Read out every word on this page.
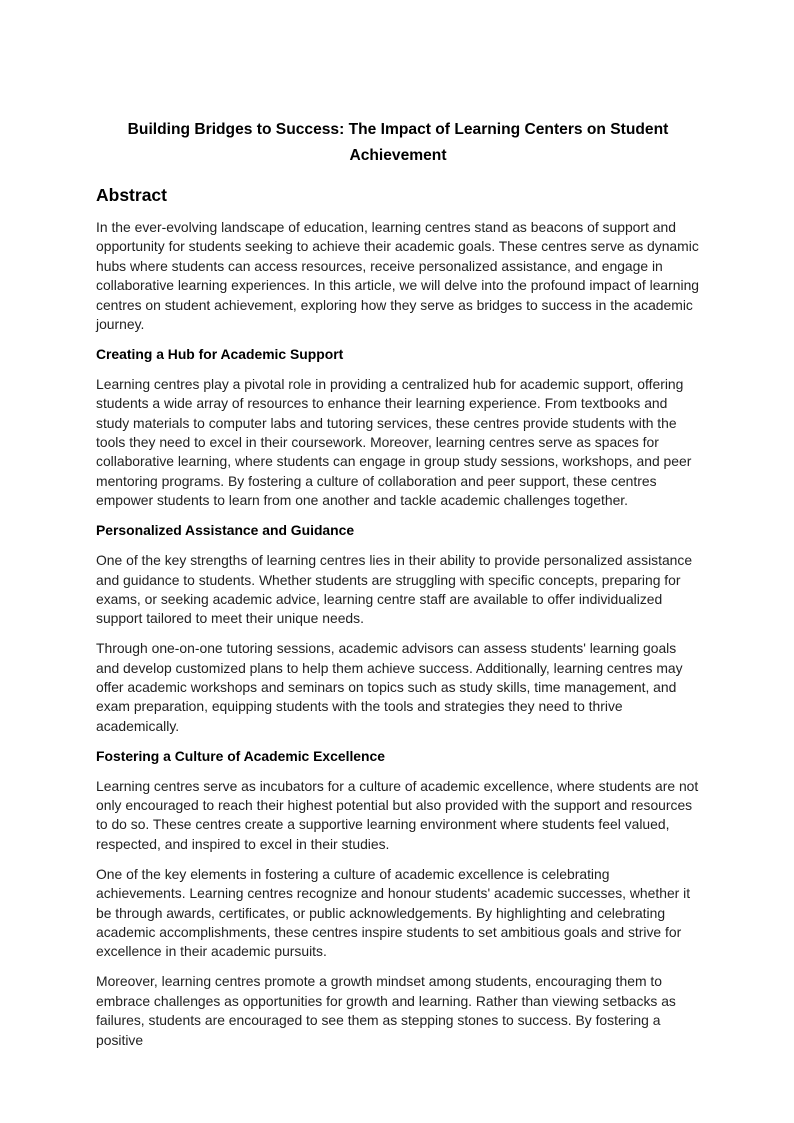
Building Bridges to Success: The Impact of Learning Centers on Student Achievement
Abstract

In the ever-evolving landscape of education, learning centres stand as beacons of support and opportunity for students seeking to achieve their academic goals. These centres serve as dynamic hubs where students can access resources, receive personalized assistance, and engage in collaborative learning experiences. In this article, we will delve into the profound impact of learning centres on student achievement, exploring how they serve as bridges to success in the academic journey.

Creating a Hub for Academic Support

Learning centres play a pivotal role in providing a centralized hub for academic support, offering students a wide array of resources to enhance their learning experience. From textbooks and study materials to computer labs and tutoring services, these centres provide students with the tools they need to excel in their coursework. Moreover, learning centres serve as spaces for collaborative learning, where students can engage in group study sessions, workshops, and peer mentoring programs. By fostering a culture of collaboration and peer support, these centres empower students to learn from one another and tackle academic challenges together.

Personalized Assistance and Guidance

One of the key strengths of learning centres lies in their ability to provide personalized assistance and guidance to students. Whether students are struggling with specific concepts, preparing for exams, or seeking academic advice, learning centre staff are available to offer individualized support tailored to meet their unique needs.

Through one-on-one tutoring sessions, academic advisors can assess students' learning goals and develop customized plans to help them achieve success. Additionally, learning centres may offer academic workshops and seminars on topics such as study skills, time management, and exam preparation, equipping students with the tools and strategies they need to thrive academically.

Fostering a Culture of Academic Excellence

Learning centres serve as incubators for a culture of academic excellence, where students are not only encouraged to reach their highest potential but also provided with the support and resources to do so. These centres create a supportive learning environment where students feel valued, respected, and inspired to excel in their studies.

One of the key elements in fostering a culture of academic excellence is celebrating achievements. Learning centres recognize and honour students' academic successes, whether it be through awards, certificates, or public acknowledgements. By highlighting and celebrating academic accomplishments, these centres inspire students to set ambitious goals and strive for excellence in their academic pursuits.

Moreover, learning centres promote a growth mindset among students, encouraging them to embrace challenges as opportunities for growth and learning. Rather than viewing setbacks as failures, students are encouraged to see them as stepping stones to success. By fostering a positive
